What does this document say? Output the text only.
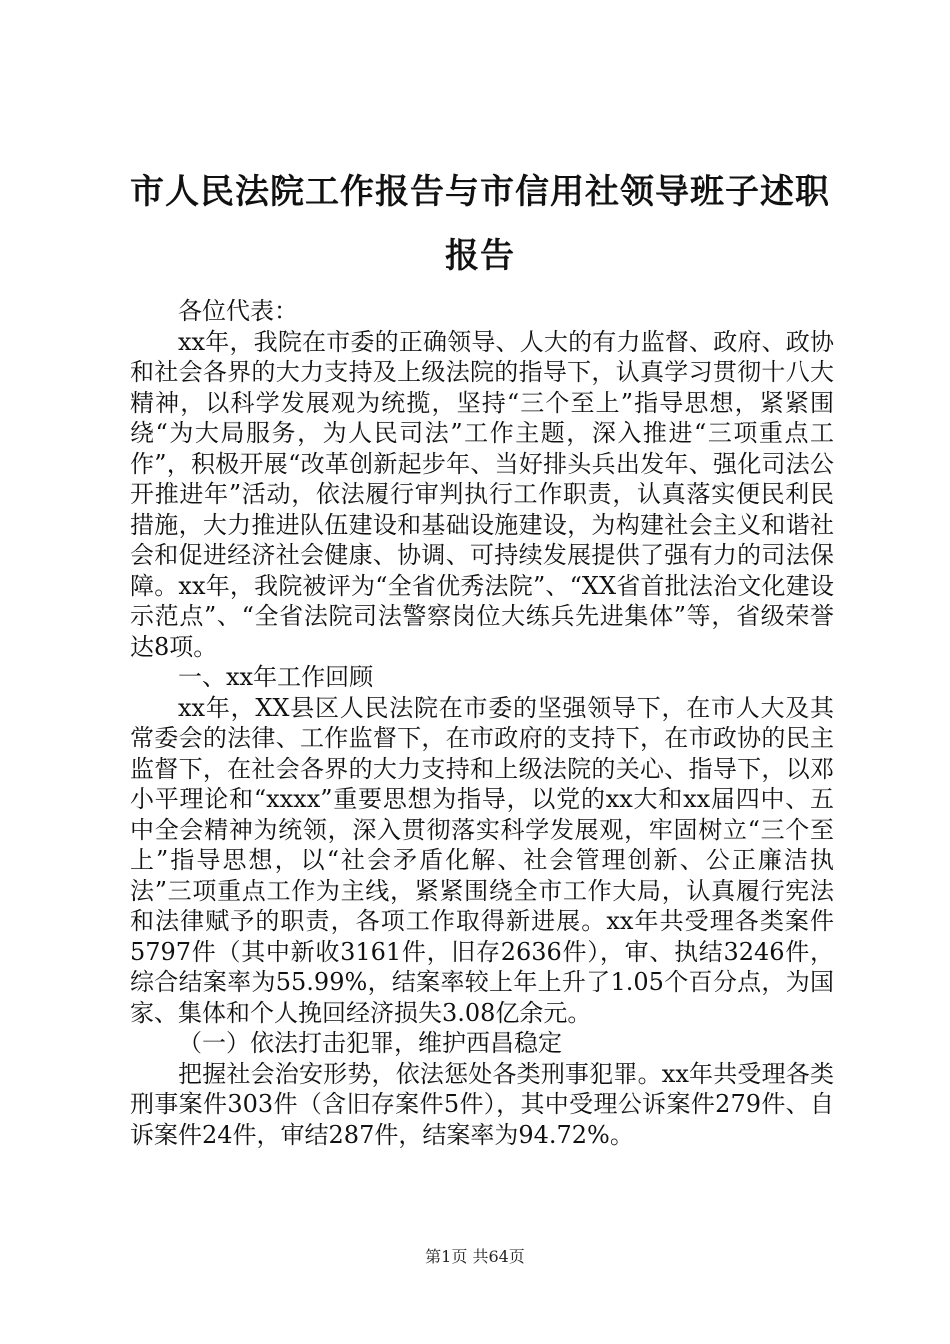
市人民法院工作报告与市信用社领导班子述职报告

各位代表：

xx年，我院在市委的正确领导、人大的有力监督、政府、政协和社会各界的大力支持及上级法院的指导下，认真学习贯彻十八大精神，以科学发展观为统揽，坚持“三个至上”指导思想，紧紧围绕“为大局服务，为人民司法”工作主题，深入推进“三项重点工作”，积极开展“改革创新起步年、当好排头兵出发年、强化司法公开推进年”活动，依法履行审判执行工作职责，认真落实便民利民措施，大力推进队伍建设和基础设施建设，为构建社会主义和谐社会和促进经济社会健康、协调、可持续发展提供了强有力的司法保障。xx年，我院被评为“全省优秀法院”、“XX省首批法治文化建设示范点”、“全省法院司法警察岗位大练兵先进集体”等，省级荣誉达8项。

一、xx年工作回顾

xx年，XX县区人民法院在市委的坚强领导下，在市人大及其常委会的法律、工作监督下，在市政府的支持下，在市政协的民主监督下，在社会各界的大力支持和上级法院的关心、指导下，以邓小平理论和“xxxx”重要思想为指导，以党的xx大和xx届四中、五中全会精神为统领，深入贯彻落实科学发展观，牢固树立“三个至上”指导思想，以“社会矛盾化解、社会管理创新、公正廉洁执法”三项重点工作为主线，紧紧围绕全市工作大局，认真履行宪法和法律赋予的职责，各项工作取得新进展。xx年共受理各类案件5797件（其中新收3161件，旧存2636件），审、执结3246件，综合结案率为55.99%，结案率较上年上升了1.05个百分点，为国家、集体和个人挽回经济损失3.08亿余元。

（一）依法打击犯罪，维护西昌稳定

把握社会治安形势，依法惩处各类刑事犯罪。xx年共受理各类刑事案件303件（含旧存案件5件），其中受理公诉案件279件、自诉案件24件，审结287件，结案率为94.72%。

第1页 共64页
